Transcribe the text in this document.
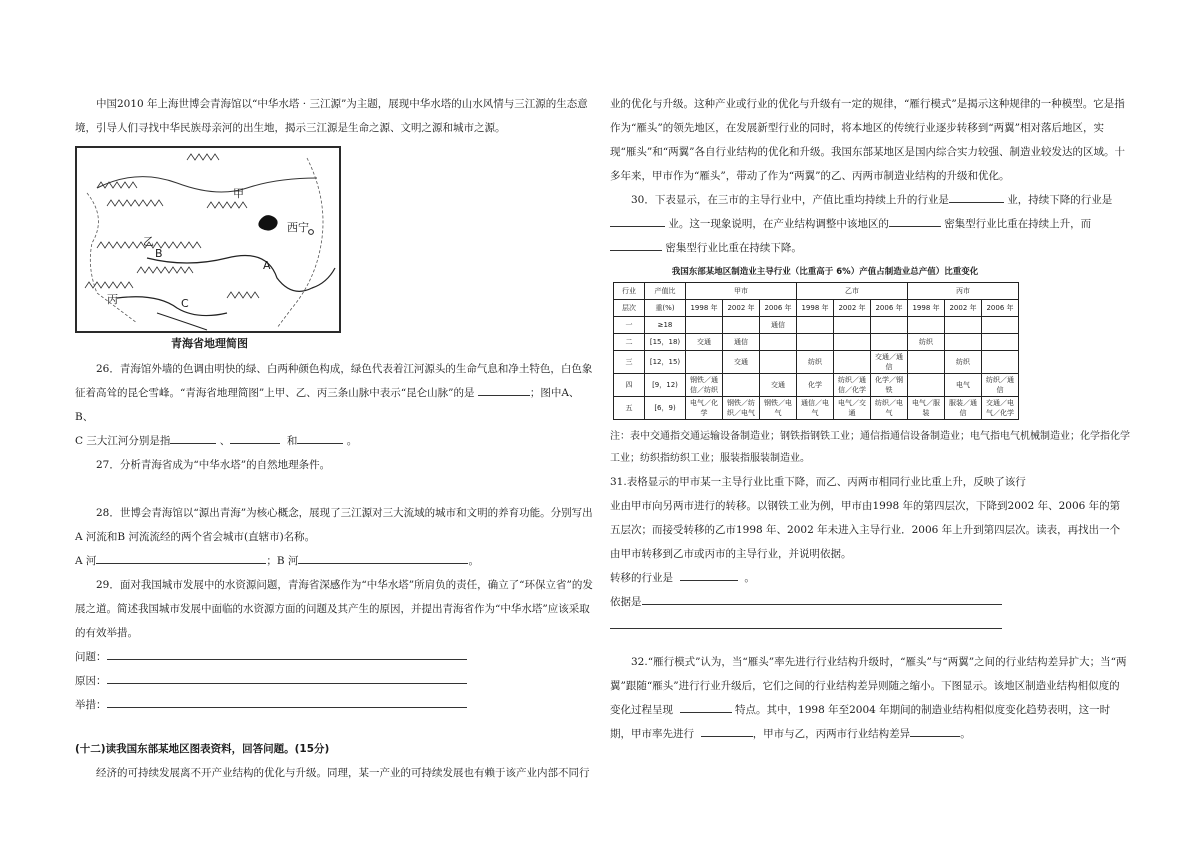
中国2010 年上海世博会青海馆以“中华水塔 · 三江源”为主题，展现中华水塔的山水风情与三江源的生态意境，引导人们寻找中华民族母亲河的出生地，揭示三江源是生命之源、文明之源和城市之源。

甲
西宁
乙
B
A
丙	C
青海省地理简图

26．青海馆外墙的色调由明快的绿、白两种颜色构成，绿色代表着江河源头的生命气息和净土特色，白色象征着高耸的昆仑雪峰。“青海省地理简图”上甲、乙、丙三条山脉中表示“昆仑山脉”的是	；图中A、B、

C 三大江河分别是指	、	和	。

27．分析青海省成为“中华水塔”的自然地理条件。

28．世博会青海馆以“源出青海”为核心概念，展现了三江源对三大流域的城市和文明的养育功能。分别写出A 河流和B 河流流经的两个省会城市(直辖市)名称。

A 河	；B 河	。

29．面对我国城市发展中的水资源问题，青海省深感作为“中华水塔”所肩负的责任，确立了“环保立省”的发展之道。简述我国城市发展中面临的水资源方面的问题及其产生的原因，并提出青海省作为“中华水塔”应该采取的有效举措。

问题：

原因：

举措：

(十二)读我国东部某地区图表资料，回答问题。(15分)

经济的可持续发展离不开产业结构的优化与升级。同理，某一产业的可持续发展也有赖于该产业内部不同行

业的优化与升级。这种产业或行业的优化与升级有一定的规律，“雁行模式”是揭示这种规律的一种模型。它是指作为“雁头”的领先地区，在发展新型行业的同时，将本地区的传统行业逐步转移到“两翼”相对落后地区，实现“雁头”和“两翼”各自行业结构的优化和升级。我国东部某地区是国内综合实力较强、制造业较发达的区域。十多年来，甲市作为“雁头”，带动了作为“两翼”的乙、丙两市制造业结构的升级和优化。

30．下表显示，在三市的主导行业中，产值比重均持续上升的行业是	业，持续下降的行业是 业。这一现象说明，在产业结构调整中该地区的	密集型行业比重在持续上升，而 密集型行业比重在持续下降。

我国东部某地区制造业主导行业（比重高于 6%）产值占制造业总产值）比重变化
行业	产值比	甲市			乙市			丙市		
层次	重(%)	1998 年	2002 年	2006 年	1998 年	2002 年	2006 年	1998 年	2002 年	2006 年
一	≥18			通信						
二	[15，18)	交通	通信					纺织		
三	[12，15)		交通		纺织		交通／通信		纺织	
四	[9，12)	钢铁／通信／纺织		交通	化学	纺织／通信／化学	化学／钢铁		电气	纺织／通信
五	[6，9)	电气／化学	钢铁／纺织／电气	钢铁／电气	通信／电气	电气／交通	纺织／电气	电气／服装	服装／通信	交通／电气／化学

注：表中交通指交通运输设备制造业；钢铁指钢铁工业；通信指通信设备制造业；电气指电气机械制造业；化学指化学工业；纺织指纺织工业；服装指服装制造业。

31.表格显示的甲市某一主导行业比重下降，而乙、丙两市相同行业比重上升，反映了该行

业由甲市向另两市进行的转移。以钢铁工业为例，甲市由1998 年的第四层次，下降到2002 年、2006 年的第五层次；而接受转移的乙市1998 年、2002 年未进入主导行业．2006 年上升到第四层次。读表，再找出一个由甲市转移到乙市或丙市的主导行业，并说明依据。

转移的行业是	。

依据是

32.“雁行模式”认为，当“雁头”率先进行行业结构升级时，“雁头”与“两翼”之间的行业结构差异扩大；当“两翼”跟随“雁头”进行行业升级后，它们之间的行业结构差异则随之缩小。下图显示。该地区制造业结构相似度的变化过程呈现	特点。其中，1998 年至2004 年期间的制造业结构相似度变化趋势表明，这一时期，甲市率先进行	，甲市与乙，丙两市行业结构差异	。
